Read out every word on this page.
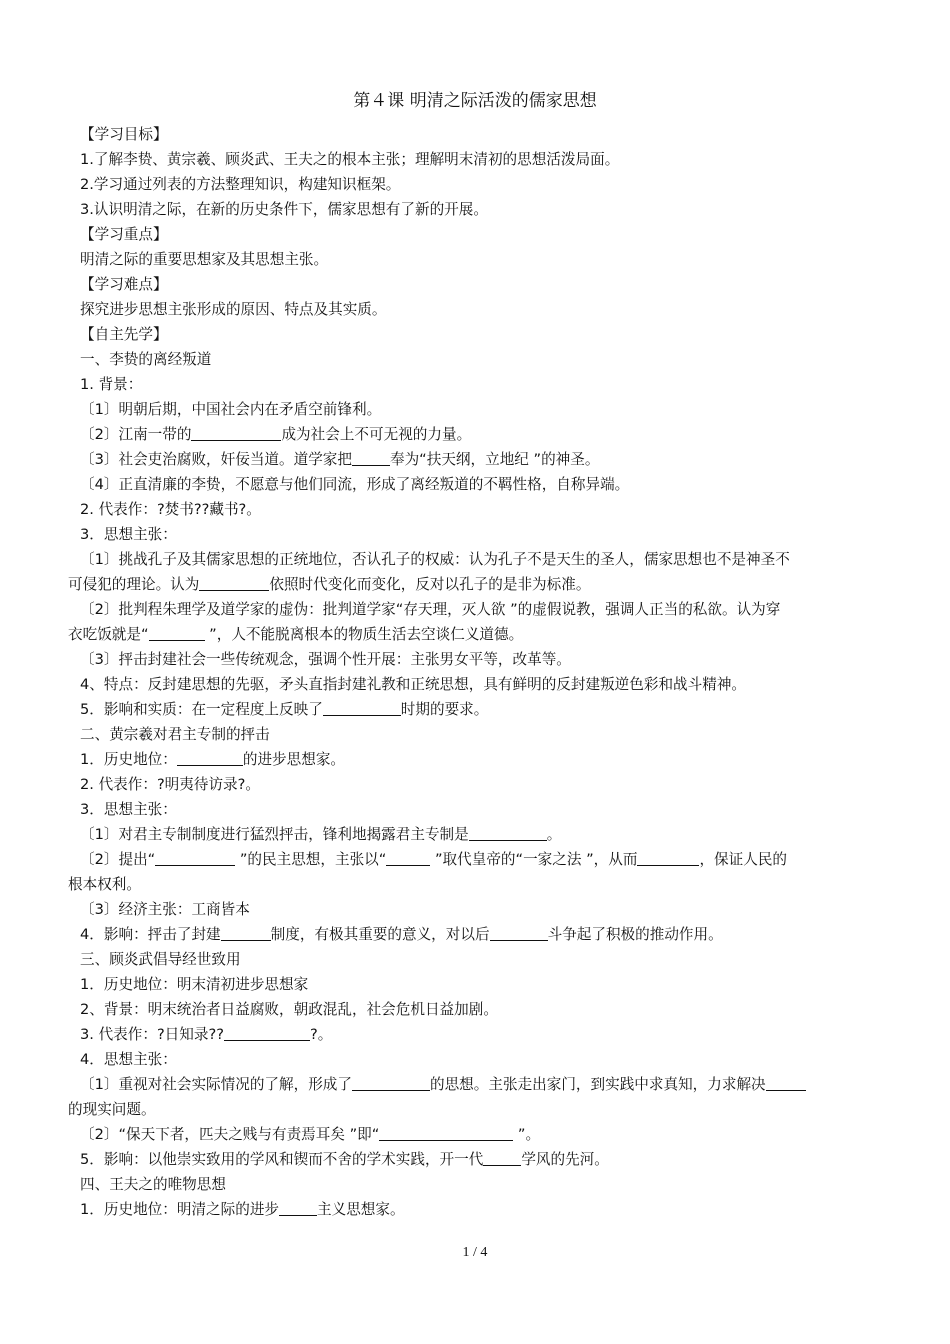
第４课 明清之际活泼的儒家思想

【学习目标】

1.了解李贽、黄宗羲、顾炎武、王夫之的根本主张；理解明末清初的思想活泼局面。

2.学习通过列表的方法整理知识，构建知识框架。

3.认识明清之际，在新的历史条件下，儒家思想有了新的开展。

【学习重点】

明清之际的重要思想家及其思想主张。

【学习难点】

探究进步思想主张形成的原因、特点及其实质。

【自主先学】

一、李贽的离经叛道

1. 背景：

〔1〕明朝后期，中国社会内在矛盾空前锋利。

〔2〕江南一带的	成为社会上不可无视的力量。

〔3〕社会吏治腐败，奸佞当道。道学家把	奉为“扶天纲，立地纪 ”的神圣。

〔4〕正直清廉的李贽，不愿意与他们同流，形成了离经叛道的不羁性格，自称异端。

2. 代表作：?焚书??藏书?。

3．思想主张：

〔1〕挑战孔子及其儒家思想的正统地位，否认孔子的权威：认为孔子不是天生的圣人，儒家思想也不是神圣不

可侵犯的理论。认为	依照时代变化而变化，反对以孔子的是非为标准。

〔2〕批判程朱理学及道学家的虚伪：批判道学家“存天理，灭人欲 ”的虚假说教，强调人正当的私欲。认为穿

衣吃饭就是“	”，人不能脱离根本的物质生活去空谈仁义道德。

〔3〕抨击封建社会一些传统观念，强调个性开展：主张男女平等，改革等。

4、特点：反封建思想的先驱，矛头直指封建礼教和正统思想，具有鲜明的反封建叛逆色彩和战斗精神。

5．影响和实质：在一定程度上反映了	时期的要求。

二、黄宗羲对君主专制的抨击

1．历史地位：	的进步思想家。

2. 代表作：?明夷待访录?。

3．思想主张：

〔1〕对君主专制制度进行猛烈抨击，锋利地揭露君主专制是	。

〔2〕提出“	”的民主思想，主张以“	”取代皇帝的“一家之法 ”，从而	，保证人民的

根本权利。

〔3〕经济主张：工商皆本

4．影响：抨击了封建	制度，有极其重要的意义，对以后	斗争起了积极的推动作用。

三、顾炎武倡导经世致用

1．历史地位：明末清初进步思想家

2、背景：明末统治者日益腐败，朝政混乱，社会危机日益加剧。

3. 代表作：?日知录??	?。

4．思想主张：

〔1〕重视对社会实际情况的了解，形成了	的思想。主张走出家门，到实践中求真知，力求解决

的现实问题。

〔2〕“保天下者，匹夫之贱与有责焉耳矣 ”即“	”。

5．影响：以他崇实致用的学风和锲而不舍的学术实践，开一代	学风的先河。

四、王夫之的唯物思想

1．历史地位：明清之际的进步	主义思想家。

1 / 4
